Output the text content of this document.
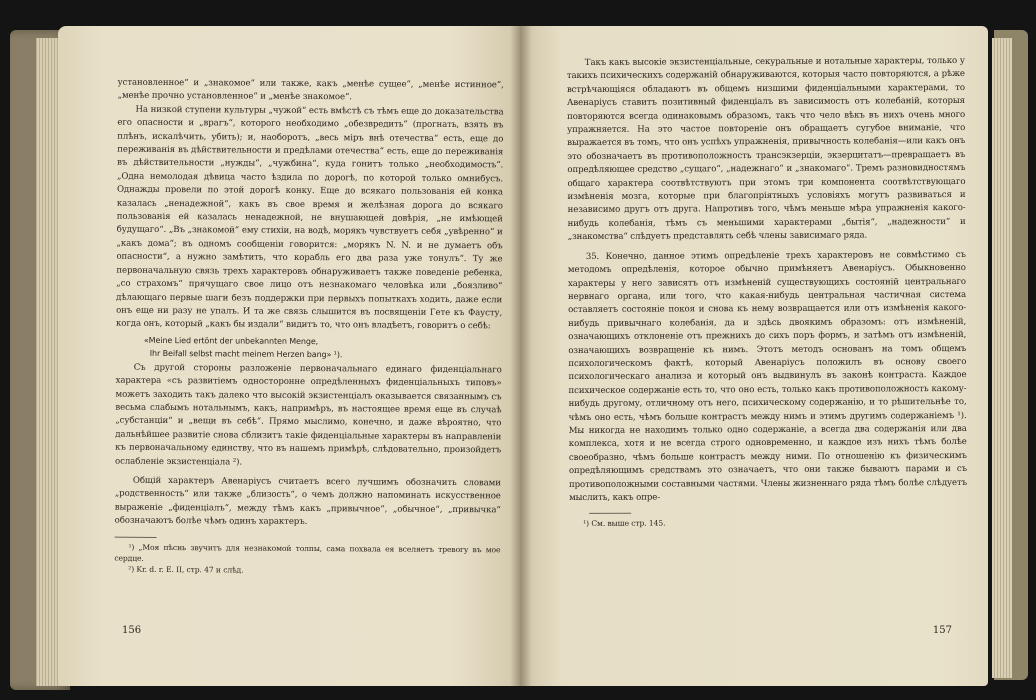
установленное“ и „знакомое“ или также, какъ „менѣе сущее“, „менѣе истинное“, „менѣе прочно установленное“ и „менѣе знакомое“.

На низкой ступени культуры „чужой“ есть вмѣстѣ съ тѣмъ еще до доказательства его опасности и „врагъ“, которого необходимо „обезвредить“ (прогнать, взять въ плѣнъ, искалѣчить, убить); и, наоборотъ, „весь міръ внѣ отечества“ есть, еще до переживанія въ дѣйствительности и предѣлами отечества“ есть, еще до переживанія въ дѣйствительности „нужды“, „чужбина“, куда гонитъ только „необходимость“. „Одна немолодая дѣвица часто ѣздила по дорогѣ, по которой только омнибусъ. Однажды провели по этой дорогѣ конку. Еще до всякаго пользованія ей конка казалась „ненадежной“, какъ въ свое время и желѣзная дорога до всякаго пользованія ей казалась ненадежной, не внушающей довѣрія, „не имѣющей будущаго“. „Въ „знакомой“ ему стихіи, на водѣ, морякъ чувствуетъ себя „увѣренно“ и „какъ дома“; въ одномъ сообщеніи говорится: „морякъ N. N. и не думаетъ объ опасности“, а нужно замѣтить, что корабль его два раза уже тонулъ“. Ту же первоначальную связь трехъ характеровъ обнаруживаетъ также поведеніе ребенка, „со страхомъ“ прячущаго свое лицо отъ незнакомаго человѣка или „боязливо“ дѣлающаго первые шаги безъ поддержки при первыхъ попыткахъ ходить, даже если онъ еще ни разу не упалъ. И та же связь слышится въ посвященіи Гете къ Фаусту, когда онъ, который „какъ бы издали“ видитъ то, что онъ владѣетъ, говоритъ о себѣ:

«Meine Lied ertönt der unbekannten Menge,
Ihr Beifall selbst macht meinem Herzen bang» ¹).

Съ другой стороны разложеніе первоначальнаго единаго фиденціальнаго характера «съ развитіемъ односторонне опредѣленныхъ фиденціальныхъ типовъ» можетъ заходить такъ далеко что высокій экзистенціалъ оказывается связаннымъ съ весьма слабымъ нотальнымъ, какъ, напримѣръ, въ настоящее время еще въ случаѣ „субстанціи“ и „вещи въ себѣ“. Прямо мыслимо, конечно, и даже вѣроятно, что дальнѣйшее развитіе снова сблизитъ такіе фиденціальные характеры въ направленіи къ первоначальному единству, что въ нашемъ примѣрѣ, слѣдовательно, произойдетъ ослабленіе экзистенціала ²).

Общій характеръ Авенаріусъ считаетъ всего лучшимъ обозначить словами „родственность“ или также „близость“, о чемъ должно напоминать искусственное выраженіе „фиденціалъ“, между тѣмъ какъ „привычное“, „обычное“, „привычка“ обозначаютъ болѣе чѣмъ одинъ характеръ.

¹) „Моя пѣснь звучитъ для незнакомой толпы, сама похвала ея вселяетъ тревогу въ мое сердце.

²) Kr. d. r. E. II, стр. 47 и слѣд.

156

Такъ какъ высокіе экзистенціальные, секуральные и нотальные характеры, только у такихъ психическихъ содержаній обнаруживаются, которыя часто повторяются, а рѣже встрѣчающіяся обладаютъ въ общемъ низшими фиденціальными характерами, то Авенаріусъ ставитъ позитивный фиденціалъ въ зависимость отъ колебаній, которыя повторяются всегда одинаковымъ образомъ, такъ что чело вѣкъ въ нихъ очень много упражняется. На это частое повтореніе онъ обращаетъ сугубое вниманіе, что выражается въ томъ, что онъ успѣхъ упражненія, привычность колебанія—или какъ онъ это обозначаетъ въ противоположность трансэкзерціи, экзерцитатъ—превращаетъ въ опредѣляющее средство „сущаго“, „надежнаго“ и „знакомаго“. Тремъ разновидностямъ общаго характера соотвѣтствуютъ при этомъ три компонента соотвѣтствующаго измѣненія мозга, которые при благопріятныхъ условіяхъ могутъ развиваться и независимо другъ отъ друга. Напротивъ того, чѣмъ меньше мѣра упражненія какого-нибудь колебанія, тѣмъ съ меньшими характерами „бытія“, „надежности“ и „знакомства“ слѣдуетъ представлять себѣ члены зависимаго ряда.

35. Конечно, данное этимъ опредѣленіе трехъ характеровъ не совмѣстимо съ методомъ опредѣленія, которое обычно примѣняетъ Авенаріусъ. Обыкновенно характеры у него зависятъ отъ измѣненій существующихъ состояній центральнаго нервнаго органа, или того, что какая-нибудь центральная частичная система оставляетъ состояніе покоя и снова къ нему возвращается или отъ измѣненія какого-нибудь привычнаго колебанія, да и здѣсь двоякимъ образомъ: отъ измѣненій, означающихъ отклоненіе отъ прежнихъ до сихъ поръ формъ, и затѣмъ отъ измѣненій, означающихъ возвращеніе къ нимъ. Этотъ методъ основанъ на томъ общемъ психологическомъ фактѣ, который Авенаріусъ положилъ въ основу своего психологическаго анализа и который онъ выдвинулъ въ законѣ контраста. Каждое психическое содержаніе есть то, что оно есть, только какъ противоположность какому-нибудь другому, отличному отъ него, психическому содержанію, и то рѣшительнѣе то, чѣмъ оно есть, чѣмъ больше контрастъ между нимъ и этимъ другимъ содержаніемъ ¹). Мы никогда не находимъ только одно содержаніе, а всегда два содержанія или два комплекса, хотя и не всегда строго одновременно, и каждое изъ нихъ тѣмъ болѣе своеобразно, чѣмъ больше контрастъ между ними. По отношенію къ физическимъ опредѣляющимъ средствамъ это означаетъ, что они также бываютъ парами и съ противоположными составными частями. Члены жизненнаго ряда тѣмъ болѣе слѣдуетъ мыслить, какъ опре-

¹) См. выше стр. 145.

157
